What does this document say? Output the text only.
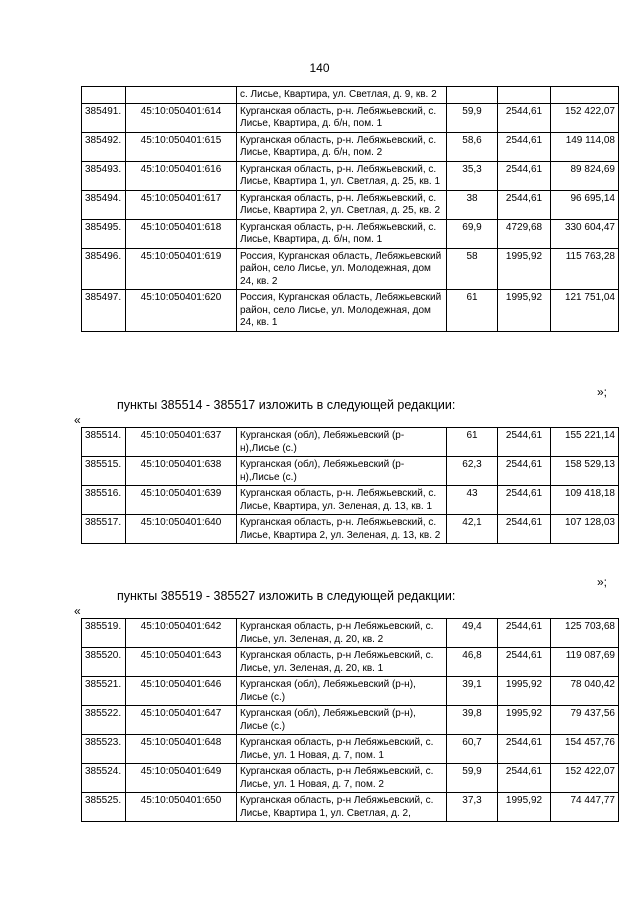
140
		с. Лисье, Квартира, ул. Светлая, д. 9, кв. 2			
385491.	45:10:050401:614	Курганская область, р-н. Лебяжьевский, с. Лисье, Квартира, д. б/н, пом. 1	59,9	2544,61	152 422,07
385492.	45:10:050401:615	Курганская область, р-н. Лебяжьевский, с. Лисье, Квартира, д. б/н, пом. 2	58,6	2544,61	149 114,08
385493.	45:10:050401:616	Курганская область, р-н. Лебяжьевский, с. Лисье, Квартира 1, ул. Светлая, д. 25, кв. 1	35,3	2544,61	89 824,69
385494.	45:10:050401:617	Курганская область, р-н. Лебяжьевский, с. Лисье, Квартира 2, ул. Светлая, д. 25, кв. 2	38	2544,61	96 695,14
385495.	45:10:050401:618	Курганская область, р-н. Лебяжьевский, с. Лисье, Квартира, д. б/н, пом. 1	69,9	4729,68	330 604,47
385496.	45:10:050401:619	Россия, Курганская область, Лебяжьевский район, село Лисье, ул. Молодежная, дом 24, кв. 2	58	1995,92	115 763,28
385497.	45:10:050401:620	Россия, Курганская область, Лебяжьевский район, село Лисье, ул. Молодежная, дом 24, кв. 1	61	1995,92	121 751,04
»;
пункты 385514 - 385517 изложить в следующей редакции:
«
385514.	45:10:050401:637	Курганская (обл), Лебяжьевский (р-н),Лисье (с.)	61	2544,61	155 221,14
385515.	45:10:050401:638	Курганская (обл), Лебяжьевский (р-н),Лисье (с.)	62,3	2544,61	158 529,13
385516.	45:10:050401:639	Курганская область, р-н. Лебяжьевский, с. Лисье, Квартира, ул. Зеленая, д. 13, кв. 1	43	2544,61	109 418,18
385517.	45:10:050401:640	Курганская область, р-н. Лебяжьевский, с. Лисье, Квартира 2, ул. Зеленая, д. 13, кв. 2	42,1	2544,61	107 128,03
»;
пункты 385519 - 385527 изложить в следующей редакции:
«
385519.	45:10:050401:642	Курганская область, р-н Лебяжьевский, с. Лисье, ул. Зеленая, д. 20, кв. 2	49,4	2544,61	125 703,68
385520.	45:10:050401:643	Курганская область, р-н Лебяжьевский, с. Лисье, ул. Зеленая, д. 20, кв. 1	46,8	2544,61	119 087,69
385521.	45:10:050401:646	Курганская (обл), Лебяжьевский (р-н), Лисье (с.)	39,1	1995,92	78 040,42
385522.	45:10:050401:647	Курганская (обл), Лебяжьевский (р-н), Лисье (с.)	39,8	1995,92	79 437,56
385523.	45:10:050401:648	Курганская область, р-н Лебяжьевский, с. Лисье, ул. 1 Новая, д. 7, пом. 1	60,7	2544,61	154 457,76
385524.	45:10:050401:649	Курганская область, р-н Лебяжьевский, с. Лисье, ул. 1 Новая, д. 7, пом. 2	59,9	2544,61	152 422,07
385525.	45:10:050401:650	Курганская область, р-н Лебяжьевский, с. Лисье, Квартира 1, ул. Светлая, д. 2,	37,3	1995,92	74 447,77
